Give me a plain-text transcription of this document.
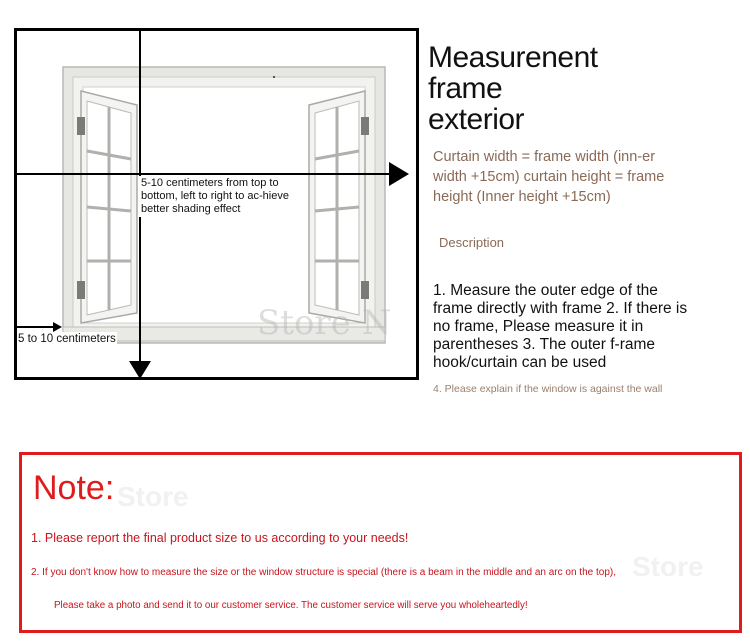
Store N
5-10 centimeters from top to bottom, left to right to ac-hieve better shading effect
5 to 10 centimeters
Measurenent frame exterior
Curtain width = frame width (inn-er width +15cm) curtain height = frame height (Inner height +15cm)
Description
1. Measure the outer edge of the frame directly with frame 2. If there is no frame, Please measure it in parentheses 3. The outer f-rame hook/curtain can be used
4. Please explain if the window is against the wall
Store
Store
Note:
1. Please report the final product size to us according to your needs!
2. If you don't know how to measure the size or the window structure is special (there is a beam in the middle and an arc on the top),
Please take a photo and send it to our customer service. The customer service will serve you wholeheartedly!
